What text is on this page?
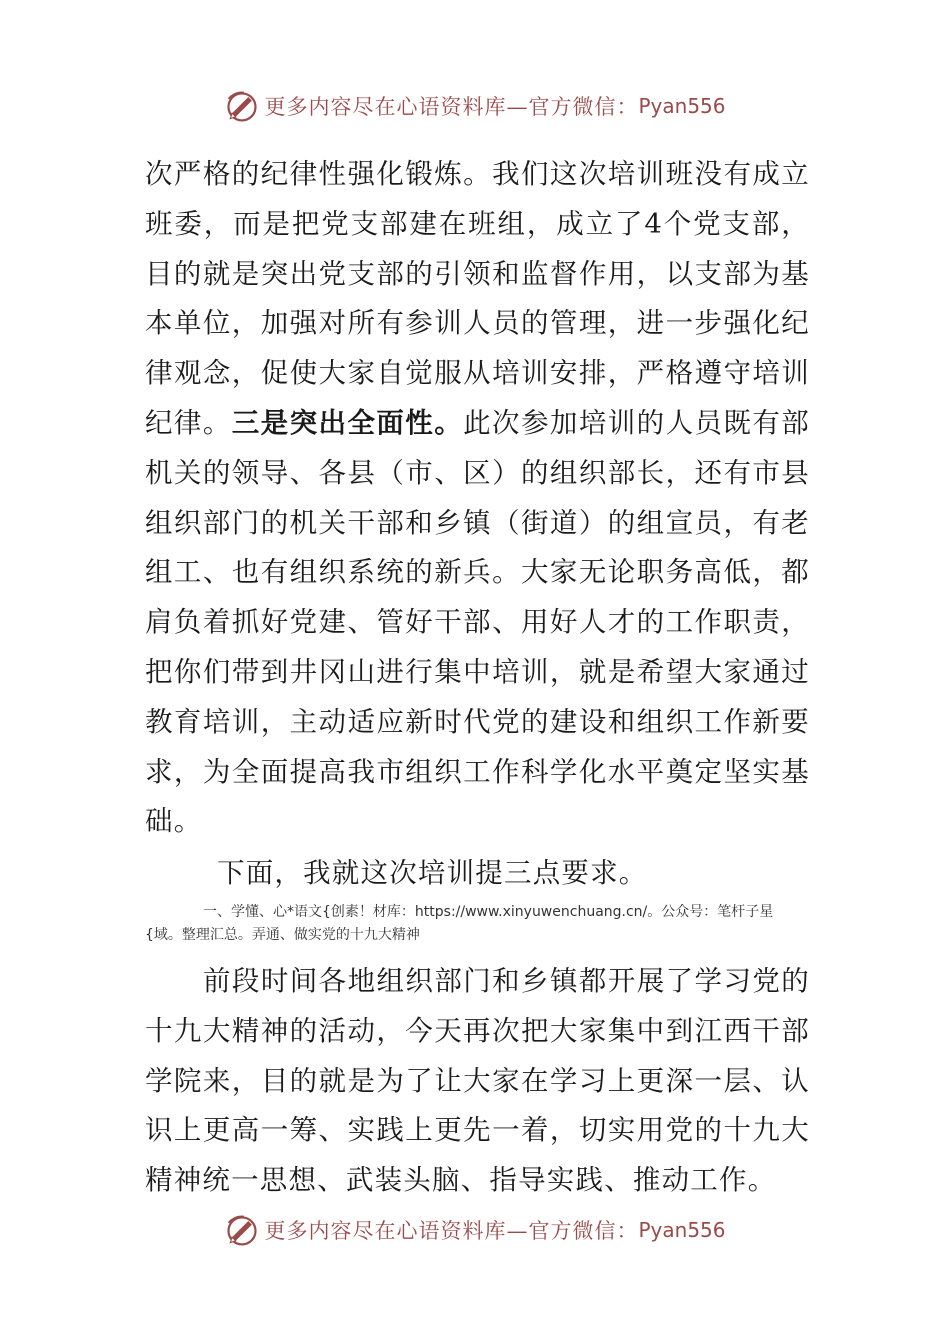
更多内容尽在心语资料库—官方微信： Pyan556

次严格的纪律性强化锻炼。我们这次培训班没有成立班委，而是把党支部建在班组，成立了4个党支部，目的就是突出党支部的引领和监督作用，以支部为基本单位，加强对所有参训人员的管理，进一步强化纪律观念，促使大家自觉服从培训安排，严格遵守培训纪律。三是突出全面性。此次参加培训的人员既有部机关的领导、各县（市、区）的组织部长，还有市县组织部门的机关干部和乡镇（街道）的组宣员，有老组工、也有组织系统的新兵。大家无论职务高低，都肩负着抓好党建、管好干部、用好人才的工作职责，把你们带到井冈山进行集中培训，就是希望大家通过教育培训，主动适应新时代党的建设和组织工作新要求，为全面提高我市组织工作科学化水平奠定坚实基础。

下面，我就这次培训提三点要求。

一、学懂、心*语文{创素！材库：https://www.xinyuwenchuang.cn/。公众号：笔杆子星{域。整理汇总。弄通、做实党的十九大精神

前段时间各地组织部门和乡镇都开展了学习党的十九大精神的活动，今天再次把大家集中到江西干部学院来，目的就是为了让大家在学习上更深一层、认识上更高一筹、实践上更先一着，切实用党的十九大精神统一思想、武装头脑、指导实践、推动工作。

更多内容尽在心语资料库—官方微信： Pyan556
